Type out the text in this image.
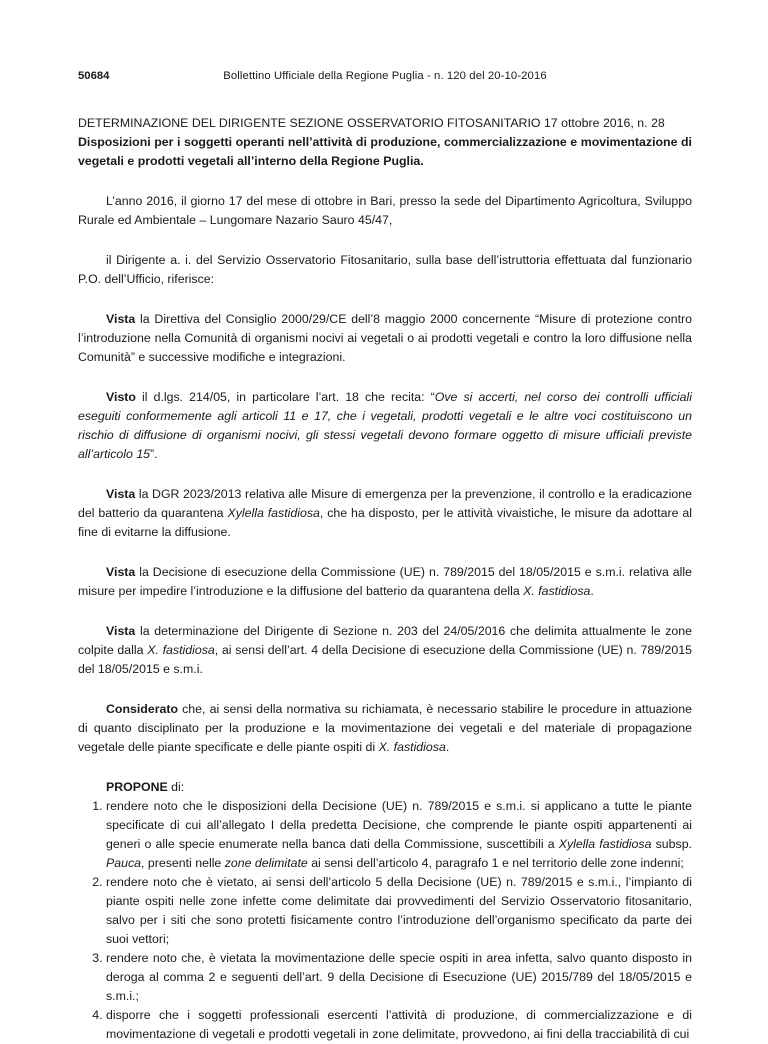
50684	Bollettino Ufficiale della Regione Puglia - n. 120 del 20-10-2016

DETERMINAZIONE DEL DIRIGENTE SEZIONE OSSERVATORIO FITOSANITARIO 17 ottobre 2016, n. 28

Disposizioni per i soggetti operanti nell’attività di produzione, commercializzazione e movimentazione di vegetali e prodotti vegetali all’interno della Regione Puglia.

L’anno 2016, il giorno 17 del mese di ottobre in Bari, presso la sede del Dipartimento Agricoltura, Sviluppo Rurale ed Ambientale – Lungomare Nazario Sauro 45/47,

il Dirigente a. i. del Servizio Osservatorio Fitosanitario, sulla base dell’istruttoria effettuata dal funzionario P.O. dell’Ufficio, riferisce:

Vista la Direttiva del Consiglio 2000/29/CE dell’8 maggio 2000 concernente “Misure di protezione contro l’introduzione nella Comunità di organismi nocivi ai vegetali o ai prodotti vegetali e contro la loro diffusione nella Comunità” e successive modifiche e integrazioni.

Visto il d.lgs. 214/05, in particolare l’art. 18 che recita: “Ove si accerti, nel corso dei controlli ufficiali eseguiti conformemente agli articoli 11 e 17, che i vegetali, prodotti vegetali e le altre voci costituiscono un rischio di diffusione di organismi nocivi, gli stessi vegetali devono formare oggetto di misure ufficiali previste all’articolo 15”.

Vista la DGR 2023/2013 relativa alle Misure di emergenza per la prevenzione, il controllo e la eradicazione del batterio da quarantena Xylella fastidiosa, che ha disposto, per le attività vivaistiche, le misure da adottare al fine di evitarne la diffusione.

Vista la Decisione di esecuzione della Commissione (UE) n. 789/2015 del 18/05/2015 e s.m.i. relativa alle misure per impedire l’introduzione e la diffusione del batterio da quarantena della X. fastidiosa.

Vista la determinazione del Dirigente di Sezione n. 203 del 24/05/2016 che delimita attualmente le zone colpite dalla X. fastidiosa, ai sensi dell’art. 4 della Decisione di esecuzione della Commissione (UE) n. 789/2015 del 18/05/2015 e s.m.i.

Considerato che, ai sensi della normativa su richiamata, è necessario stabilire le procedure in attuazione di quanto disciplinato per la produzione e la movimentazione dei vegetali e del materiale di propagazione vegetale delle piante specificate e delle piante ospiti di X. fastidiosa.

PROPONE di:

1. rendere noto che le disposizioni della Decisione (UE) n. 789/2015 e s.m.i. si applicano a tutte le piante specificate di cui all’allegato I della predetta Decisione, che comprende le piante ospiti appartenenti ai generi o alle specie enumerate nella banca dati della Commissione, suscettibili a Xylella fastidiosa subsp. Pauca, presenti nelle zone delimitate ai sensi dell’articolo 4, paragrafo 1 e nel territorio delle zone indenni;
2. rendere noto che è vietato, ai sensi dell’articolo 5 della Decisione (UE) n. 789/2015 e s.m.i., l’impianto di piante ospiti nelle zone infette come delimitate dai provvedimenti del Servizio Osservatorio fitosanitario, salvo per i siti che sono protetti fisicamente contro l’introduzione dell’organismo specificato da parte dei suoi vettori;
3. rendere noto che, è vietata la movimentazione delle specie ospiti in area infetta, salvo quanto disposto in deroga al comma 2 e seguenti dell’art. 9 della Decisione di Esecuzione (UE) 2015/789 del 18/05/2015 e s.m.i.;
4. disporre che i soggetti professionali esercenti l’attività di produzione, di commercializzazione e di movimentazione di vegetali e prodotti vegetali in zone delimitate, provvedono, ai fini della tracciabilità di cui
